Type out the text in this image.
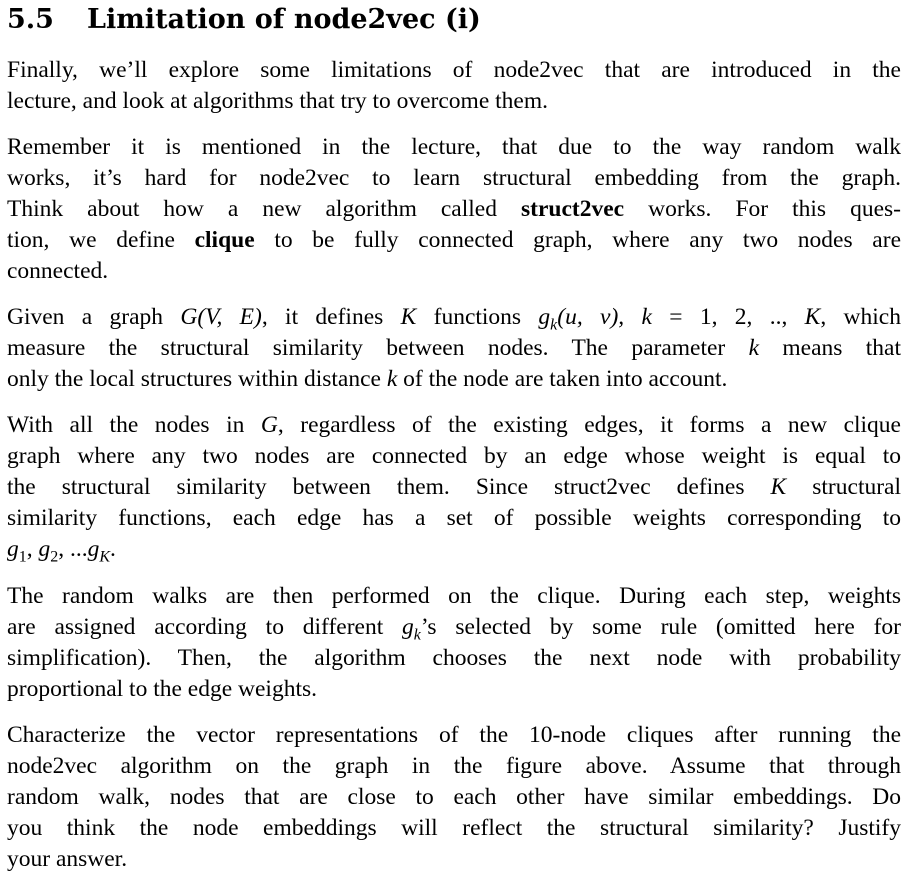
5.5 Limitation of node2vec (i)
Finally, we’ll explore some limitations of node2vec that are introduced in the
lecture, and look at algorithms that try to overcome them.
Remember it is mentioned in the lecture, that due to the way random walk
works, it’s hard for node2vec to learn structural embedding from the graph.
Think about how a new algorithm called struct2vec works. For this ques-
tion, we define clique to be fully connected graph, where any two nodes are
connected.
Given a graph G(V, E), it defines K functions $g_k(u$, v), k = 1, 2, .., K, which
measure the structural similarity between nodes. The parameter k means that
only the local structures within distance k of the node are taken into account.
With all the nodes in G, regardless of the existing edges, it forms a new clique
graph where any two nodes are connected by an edge whose weight is equal to
the structural similarity between them. Since struct2vec defines K structural
similarity functions, each edge has a set of possible weights corresponding to
$g_1$, $g_2$, $...g_K$.
The random walks are then performed on the clique. During each step, weights
are assigned according to different $g_k’s$ selected by some rule (omitted here for
simplification). Then, the algorithm chooses the next node with probability
proportional to the edge weights.
Characterize the vector representations of the 10-node cliques after running the
node2vec algorithm on the graph in the figure above. Assume that through
random walk, nodes that are close to each other have similar embeddings. Do
you think the node embeddings will reflect the structural similarity? Justify
your answer.
